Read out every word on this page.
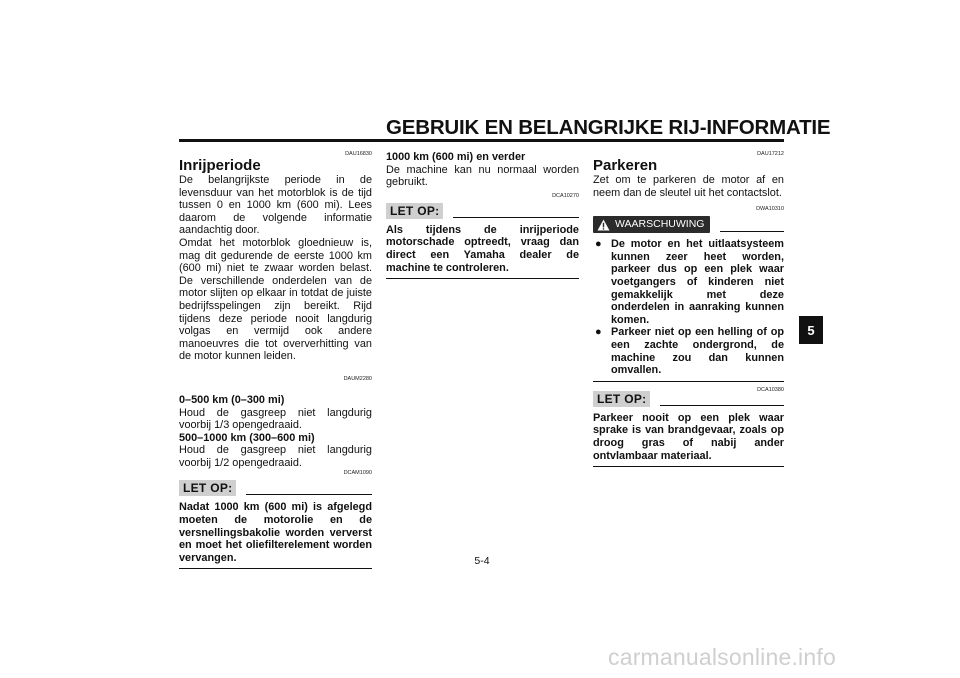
GEBRUIK EN BELANGRIJKE RIJ-INFORMATIE
5
DAU16830
Inrijperiode

De belangrijkste periode in de levensduur van het motorblok is de tijd tussen 0 en 1000 km (600 mi). Lees daarom de volgende informatie aandachtig door.

Omdat het motorblok gloednieuw is, mag dit gedurende de eerste 1000 km (600 mi) niet te zwaar worden belast. De verschillende onderdelen van de motor slijten op elkaar in totdat de juiste bedrijfsspelingen zijn bereikt. Rijd tijdens deze periode nooit langdurig volgas en vermijd ook andere manoeuvres die tot oververhitting van de motor kunnen leiden.

DAUM2280

0–500 km (0–300 mi)

Houd de gasgreep niet langdurig voorbij 1/3 opengedraaid.

500–1000 km (300–600 mi)

Houd de gasgreep niet langdurig voorbij 1/2 opengedraaid.

DCAM1090
LET OP:
Nadat 1000 km (600 mi) is afgelegd moeten de motorolie en de versnellingsbakolie worden ververst en moet het oliefilterelement worden vervangen.

1000 km (600 mi) en verder

De machine kan nu normaal worden gebruikt.

DCA10270
LET OP:
Als tijdens de inrijperiode motorschade optreedt, vraag dan direct een Yamaha dealer de machine te controleren.
DAU17212
Parkeren

Zet om te parkeren de motor af en neem dan de sleutel uit het contactslot.

DWA10310
WAARSCHUWING
● De motor en het uitlaatsysteem kunnen zeer heet worden, parkeer dus op een plek waar voetgangers of kinderen niet gemakkelijk met deze onderdelen in aanraking kunnen komen.
● Parkeer niet op een helling of op een zachte ondergrond, de machine zou dan kunnen omvallen.
DCA10380
LET OP:
Parkeer nooit op een plek waar sprake is van brandgevaar, zoals op droog gras of nabij ander ontvlambaar materiaal.
5-4
carmanualsonline.info
